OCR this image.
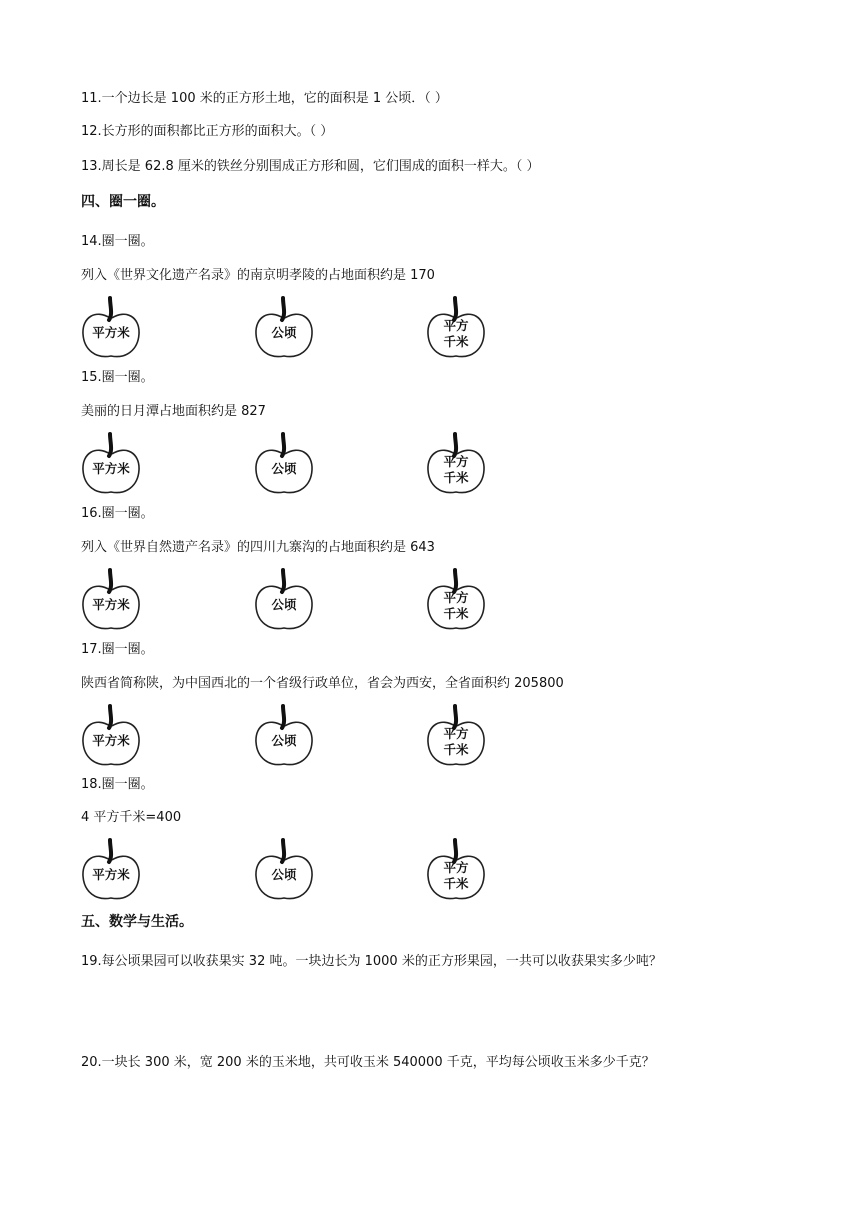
11.一个边长是 100 米的正方形土地，它的面积是 1 公顷．（ ）
12.长方形的面积都比正方形的面积大。（ ）
13.周长是 62.8 厘米的铁丝分别围成正方形和圆，它们围成的面积一样大。（ ）
四、圈一圈。
14.圈一圈。
列入《世界文化遗产名录》的南京明孝陵的占地面积约是 170
平方米	公顷	平方
千米
15.圈一圈。
美丽的日月潭占地面积约是 827
平方米	公顷	平方
千米
16.圈一圈。
列入《世界自然遗产名录》的四川九寨沟的占地面积约是 643
平方米	公顷	平方
千米
17.圈一圈。
陕西省简称陕，为中国西北的一个省级行政单位，省会为西安，全省面积约 205800
平方米	公顷	平方
千米
18.圈一圈。
4 平方千米=400
平方米	公顷	平方
千米
五、数学与生活。
19.每公顷果园可以收获果实 32 吨。一块边长为 1000 米的正方形果园，一共可以收获果实多少吨？
20.一块长 300 米，宽 200 米的玉米地，共可收玉米 540000 千克，平均每公顷收玉米多少千克？
